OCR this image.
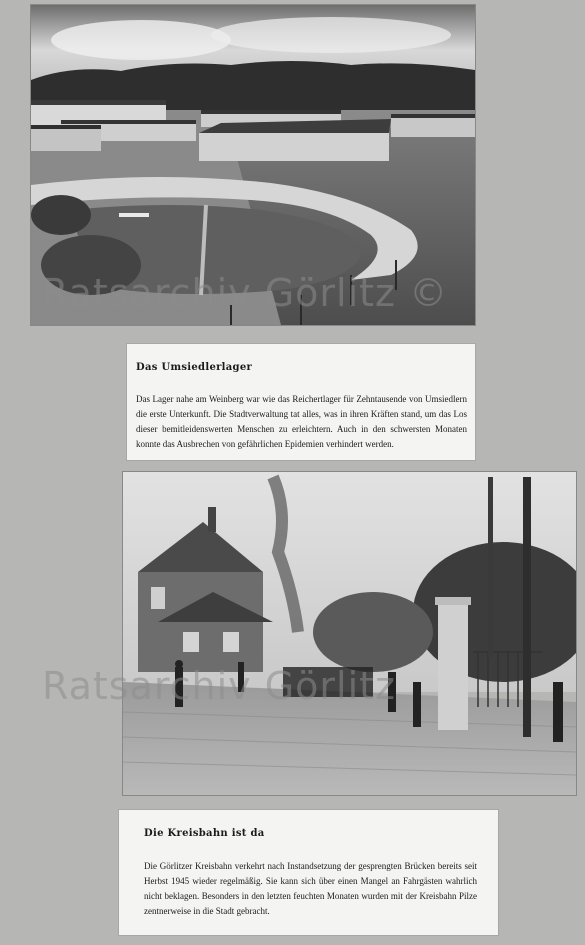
Das Umsiedlerlager

Das Lager nahe am Weinberg war wie das Reichertlager für Zehntausende von Umsiedlern die erste Unterkunft. Die Stadtverwaltung tat alles, was in ihren Kräften stand, um das Los dieser bemitleidenswerten Menschen zu erleichtern. Auch in den schwersten Monaten konnte das Ausbrechen von gefährlichen Epidemien verhindert werden.

Die Kreisbahn ist da

Die Görlitzer Kreisbahn verkehrt nach Instandsetzung der gesprengten Brücken bereits seit Herbst 1945 wieder regelmäßig. Sie kann sich über einen Mangel an Fahrgästen wahrlich nicht beklagen. Besonders in den letzten feuchten Monaten wurden mit der Kreisbahn Pilze zentnerweise in die Stadt gebracht.

Ratsarchiv Görlitz ©
Ratsarchiv Görlitz
